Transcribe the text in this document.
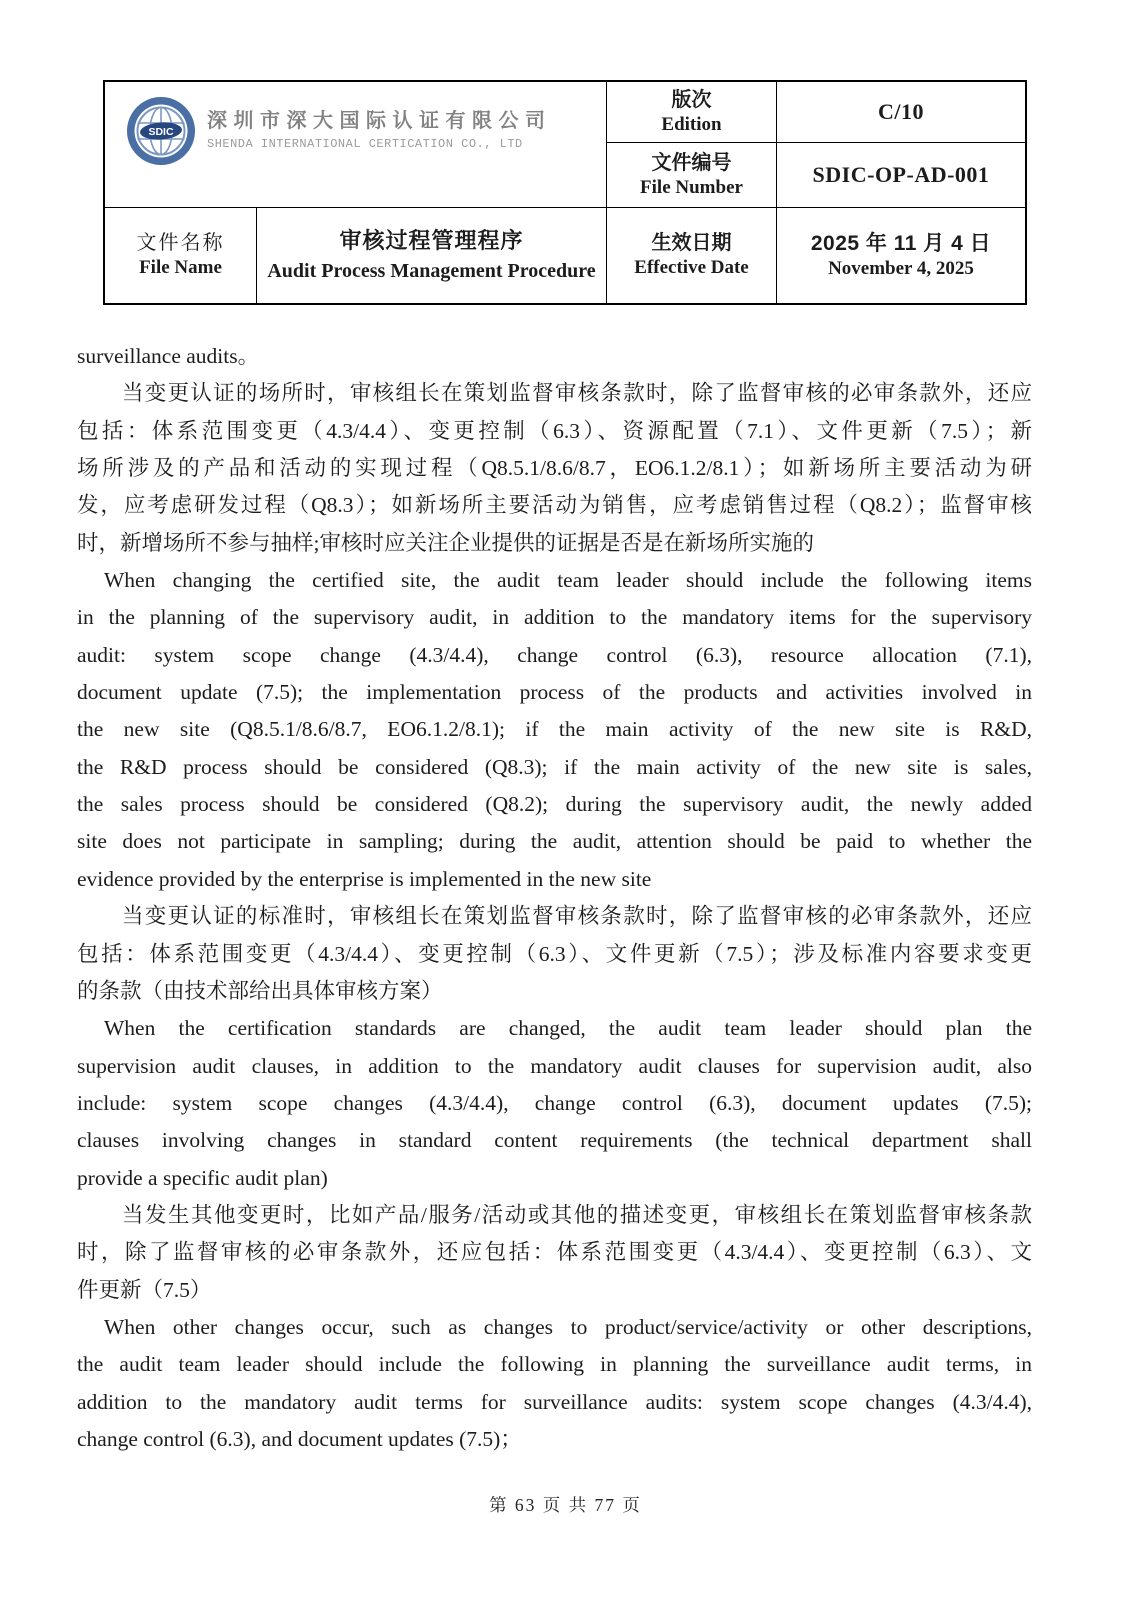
SDIC 深圳市深大国际认证有限公司
SHENDA INTERNATIONAL CERTICATION CO., LTD
版次
Edition	C/10
文件编号
File Number	SDIC-OP-AD-001
文件名称
File Name
审核过程管理程序
Audit Process Management Procedure
生效日期
Effective Date
2025 年 11 月 4 日
November 4, 2025
surveillance audits。
当变更认证的场所时，审核组长在策划监督审核条款时，除了监督审核的必审条款外，还应
包括：体系范围变更（4.3/4.4）、变更控制（6.3）、资源配置（7.1）、文件更新（7.5）；新
场所涉及的产品和活动的实现过程（Q8.5.1/8.6/8.7，EO6.1.2/8.1）；如新场所主要活动为研
发，应考虑研发过程（Q8.3）；如新场所主要活动为销售，应考虑销售过程（Q8.2）；监督审核
时，新增场所不参与抽样;审核时应关注企业提供的证据是否是在新场所实施的
When changing the certified site, the audit team leader should include the following items
in the planning of the supervisory audit, in addition to the mandatory items for the supervisory
audit: system scope change (4.3/4.4), change control (6.3), resource allocation (7.1),
document update (7.5); the implementation process of the products and activities involved in
the new site (Q8.5.1/8.6/8.7, EO6.1.2/8.1); if the main activity of the new site is R&D,
the R&D process should be considered (Q8.3); if the main activity of the new site is sales,
the sales process should be considered (Q8.2); during the supervisory audit, the newly added
site does not participate in sampling; during the audit, attention should be paid to whether the
evidence provided by the enterprise is implemented in the new site
当变更认证的标准时，审核组长在策划监督审核条款时，除了监督审核的必审条款外，还应
包括：体系范围变更（4.3/4.4）、变更控制（6.3）、文件更新（7.5）；涉及标准内容要求变更
的条款（由技术部给出具体审核方案）
When the certification standards are changed, the audit team leader should plan the
supervision audit clauses, in addition to the mandatory audit clauses for supervision audit, also
include: system scope changes (4.3/4.4), change control (6.3), document updates (7.5);
clauses involving changes in standard content requirements (the technical department shall
provide a specific audit plan)
当发生其他变更时，比如产品/服务/活动或其他的描述变更，审核组长在策划监督审核条款
时，除了监督审核的必审条款外，还应包括：体系范围变更（4.3/4.4）、变更控制（6.3）、文
件更新（7.5）
When other changes occur, such as changes to product/service/activity or other descriptions,
the audit team leader should include the following in planning the surveillance audit terms, in
addition to the mandatory audit terms for surveillance audits: system scope changes (4.3/4.4),
change control (6.3), and document updates (7.5)；
第 63 页 共 77 页
